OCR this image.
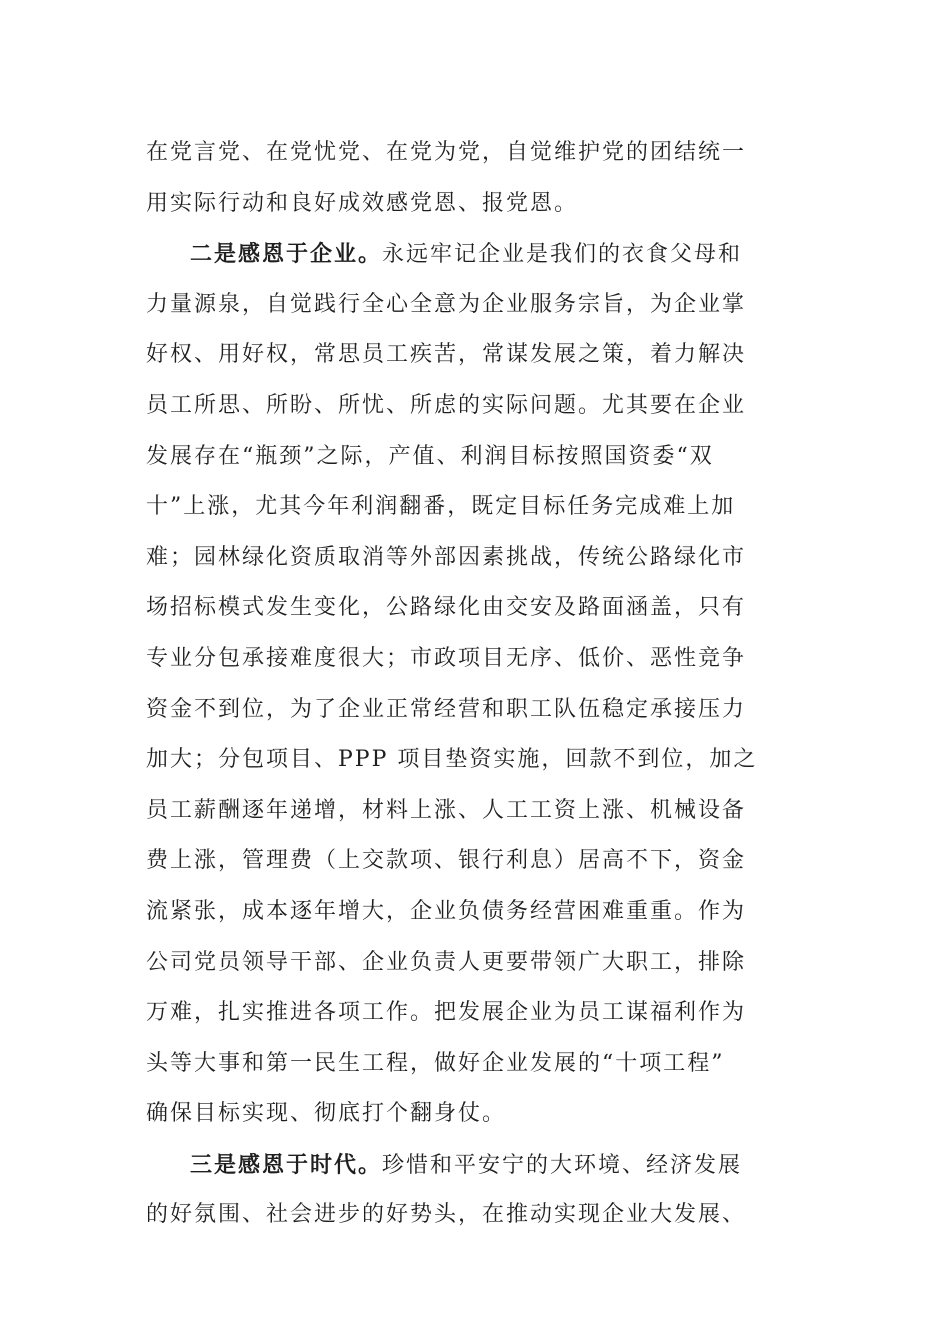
在党言党、在党忧党、在党为党，自觉维护党的团结统一
用实际行动和良好成效感党恩、报党恩。
二是感恩于企业。永远牢记企业是我们的衣食父母和
力量源泉，自觉践行全心全意为企业服务宗旨，为企业掌
好权、用好权，常思员工疾苦，常谋发展之策，着力解决
员工所思、所盼、所忧、所虑的实际问题。尤其要在企业
发展存在“瓶颈”之际，产值、利润目标按照国资委“双
十”上涨，尤其今年利润翻番，既定目标任务完成难上加
难；园林绿化资质取消等外部因素挑战，传统公路绿化市
场招标模式发生变化，公路绿化由交安及路面涵盖，只有
专业分包承接难度很大；市政项目无序、低价、恶性竞争
资金不到位，为了企业正常经营和职工队伍稳定承接压力
加大；分包项目、PPP 项目垫资实施，回款不到位，加之
员工薪酬逐年递增，材料上涨、人工工资上涨、机械设备
费上涨，管理费（上交款项、银行利息）居高不下，资金
流紧张，成本逐年增大，企业负债务经营困难重重。作为
公司党员领导干部、企业负责人更要带领广大职工，排除
万难，扎实推进各项工作。把发展企业为员工谋福利作为
头等大事和第一民生工程，做好企业发展的“十项工程”
确保目标实现、彻底打个翻身仗。
三是感恩于时代。珍惜和平安宁的大环境、经济发展
的好氛围、社会进步的好势头，在推动实现企业大发展、
